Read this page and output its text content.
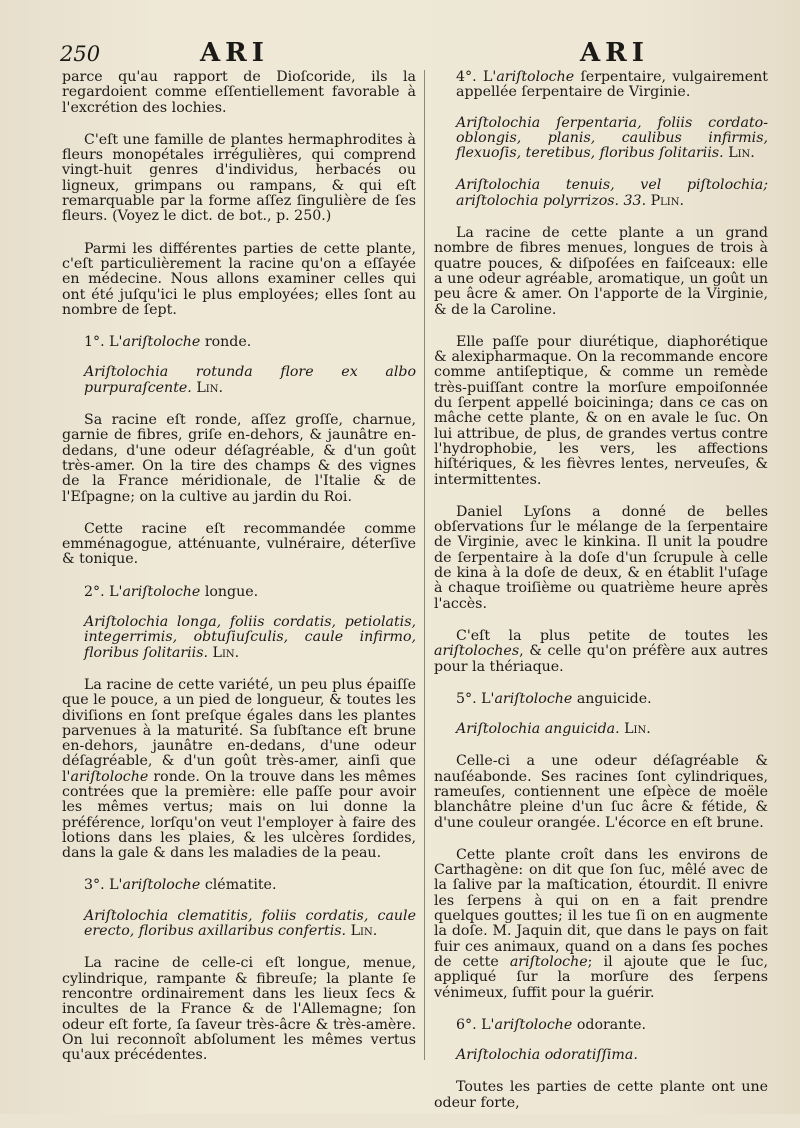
250	ARI	ARI

parce qu'au rapport de Dioſcoride, ils la regardoient comme eſſentiellement favorable à l'excrétion des lochies.

C'eſt une famille de plantes hermaphrodites à fleurs monopétales irrégulières, qui comprend vingt-huit genres d'individus, herbacés ou ligneux, grimpans ou rampans, & qui eſt remarquable par la forme aſſez ſingulière de ſes fleurs. (Voyez le dict. de bot., p. 250.)

Parmi les différentes parties de cette plante, c'eſt particulièrement la racine qu'on a eſſayée en médecine. Nous allons examiner celles qui ont été juſqu'ici le plus employées; elles ſont au nombre de ſept.

1°. L'ariſtoloche ronde.

Ariſtolochia rotunda flore ex albo purpuraſcente. Lin.

Sa racine eſt ronde, aſſez groſſe, charnue, garnie de fibres, griſe en-dehors, & jaunâtre en-dedans, d'une odeur déſagréable, & d'un goût très-amer. On la tire des champs & des vignes de la France méridionale, de l'Italie & de l'Eſpagne; on la cultive au jardin du Roi.

Cette racine eſt recommandée comme emménagogue, atténuante, vulnéraire, déterſive & tonique.

2°. L'ariſtoloche longue.

Ariſtolochia longa, foliis cordatis, petiolatis, integerrimis, obtuſiuſculis, caule infirmo, floribus ſolitariis. Lin.

La racine de cette variété, un peu plus épaiſſe que le pouce, a un pied de longueur, & toutes les diviſions en ſont preſque égales dans les plantes parvenues à la maturité. Sa ſubſtance eſt brune en-dehors, jaunâtre en-dedans, d'une odeur déſagréable, & d'un goût très-amer, ainſi que l'ariſtoloche ronde. On la trouve dans les mêmes contrées que la première: elle paſſe pour avoir les mêmes vertus; mais on lui donne la préférence, lorſqu'on veut l'employer à faire des lotions dans les plaies, & les ulcères ſordides, dans la gale & dans les maladies de la peau.

3°. L'ariſtoloche clématite.

Ariſtolochia clematitis, foliis cordatis, caule erecto, floribus axillaribus confertis. Lin.

La racine de celle-ci eſt longue, menue, cylindrique, rampante & fibreuſe; la plante ſe rencontre ordinairement dans les lieux ſecs & incultes de la France & de l'Allemagne; ſon odeur eſt forte, ſa ſaveur très-âcre & très-amère. On lui reconnoît abſolument les mêmes vertus qu'aux précédentes.

4°. L'ariſtoloche ſerpentaire, vulgairement appellée ſerpentaire de Virginie.

Ariſtolochia ſerpentaria, foliis cordato-oblongis, planis, caulibus infirmis, flexuoſis, teretibus, floribus ſolitariis. Lin.

Ariſtolochia tenuis, vel piſtolochia; ariſtolochia polyrrizos. 33. Plin.

La racine de cette plante a un grand nombre de fibres menues, longues de trois à quatre pouces, & diſpoſées en faiſceaux: elle a une odeur agréable, aromatique, un goût un peu âcre & amer. On l'apporte de la Virginie, & de la Caroline.

Elle paſſe pour diurétique, diaphorétique & alexipharmaque. On la recommande encore comme antiſeptique, & comme un remède très-puiſſant contre la morſure empoiſonnée du ſerpent appellé boicininga; dans ce cas on mâche cette plante, & on en avale le ſuc. On lui attribue, de plus, de grandes vertus contre l'hydrophobie, les vers, les affections hiſtériques, & les fièvres lentes, nerveuſes, & intermittentes.

Daniel Lyſons a donné de belles obſervations ſur le mélange de la ſerpentaire de Virginie, avec le kinkina. Il unit la poudre de ſerpentaire à la doſe d'un ſcrupule à celle de kina à la doſe de deux, & en établit l'uſage à chaque troiſième ou quatrième heure après l'accès.

C'eſt la plus petite de toutes les ariſtoloches, & celle qu'on préfère aux autres pour la thériaque.

5°. L'ariſtoloche anguicide.

Ariſtolochia anguicida. Lin.

Celle-ci a une odeur déſagréable & nauſéabonde. Ses racines ſont cylindriques, rameuſes, contiennent une eſpèce de moële blanchâtre pleine d'un ſuc âcre & fétide, & d'une couleur orangée. L'écorce en eſt brune.

Cette plante croît dans les environs de Carthagène: on dit que ſon ſuc, mêlé avec de la ſalive par la maſtication, étourdit. Il enivre les ſerpens à qui on en a fait prendre quelques gouttes; il les tue ſi on en augmente la doſe. M. Jaquin dit, que dans le pays on fait fuir ces animaux, quand on a dans ſes poches de cette ariſtoloche; il ajoute que le ſuc, appliqué ſur la morſure des ſerpens vénimeux, ſuffit pour la guérir.

6°. L'ariſtoloche odorante.

Ariſtolochia odoratiſſima.

Toutes les parties de cette plante ont une odeur forte,
